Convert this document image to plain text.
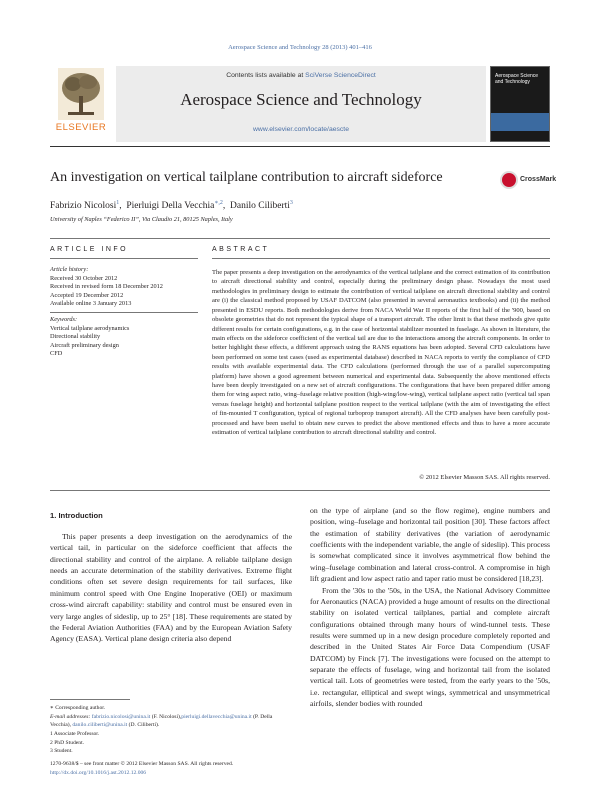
Aerospace Science and Technology 28 (2013) 401–416
ELSEVIER
Contents lists available at SciVerse ScienceDirect
Aerospace Science and Technology
www.elsevier.com/locate/aescte
Aerospace Science and Technology
An investigation on vertical tailplane contribution to aircraft sideforce	CrossMark
Fabrizio Nicolosi$^1$,  Pierluigi Della Vecchia$^{∗,2}$,  Danilo Ciliberti$^3$
University of Naples “Federico II”, Via Claudio 21, 80125 Naples, Italy
ARTICLE INFO	ABSTRACT
Article history:
Received 30 October 2012
Received in revised form 18 December 2012
Accepted 19 December 2012
Available online 3 January 2013
Keywords:
Vertical tailplane aerodynamics
Directional stability
Aircraft preliminary design
CFD
The paper presents a deep investigation on the aerodynamics of the vertical tailplane and the correct estimation of its contribution to aircraft directional stability and control, especially during the preliminary design phase. Nowadays the most used methodologies in preliminary design to estimate the contribution of vertical tailplane on aircraft directional stability and control are (i) the classical method proposed by USAF DATCOM (also presented in several aeronautics textbooks) and (ii) the method presented in ESDU reports. Both methodologies derive from NACA World War II reports of the first half of the '900, based on obsolete geometries that do not represent the typical shape of a transport aircraft. The other limit is that these methods give quite different results for certain configurations, e.g. in the case of horizontal stabilizer mounted in fuselage. As shown in literature, the main effects on the sideforce coefficient of the vertical tail are due to the interactions among the aircraft components. In order to better highlight these effects, a different approach using the RANS equations has been adopted. Several CFD calculations have been performed on some test cases (used as experimental database) described in NACA reports to verify the compliance of CFD results with available experimental data. The CFD calculations (performed through the use of a parallel supercomputing platform) have shown a good agreement between numerical and experimental data. Subsequently the above mentioned effects have been deeply investigated on a new set of aircraft configurations. The configurations that have been prepared differ among them for wing aspect ratio, wing–fuselage relative position (high-wing/low-wing), vertical tailplane aspect ratio (vertical tail span versus fuselage height) and horizontal tailplane position respect to the vertical tailplane (with the aim of investigating the effect of fin-mounted T configuration, typical of regional turboprop transport aircraft). All the CFD analyses have been carefully post-processed and have been useful to obtain new curves to predict the above mentioned effects and thus to have a more accurate estimation of vertical tailplane contribution to aircraft directional stability and control.
© 2012 Elsevier Masson SAS. All rights reserved.
1. Introduction

This paper presents a deep investigation on the aerodynamics of the vertical tail, in particular on the sideforce coefficient that affects the directional stability and control of the airplane. A reliable tailplane design needs an accurate determination of the stability derivatives. Extreme flight conditions often set severe design requirements for tail surfaces, like minimum control speed with One Engine Inoperative (OEI) or maximum cross-wind aircraft capability: stability and control must be ensured even in very large angles of sideslip, up to 25° [18]. These requirements are stated by the Federal Aviation Authorities (FAA) and by the European Aviation Safety Agency (EASA). Vertical plane design criteria also depend

on the type of airplane (and so the flow regime), engine numbers and position, wing–fuselage and horizontal tail position [30]. These factors affect the estimation of stability derivatives (the variation of aerodynamic coefficients with the independent variable, the angle of sideslip). This process is somewhat complicated since it involves asymmetrical flow behind the wing–fuselage combination and lateral cross-control. A compromise in high lift gradient and low aspect ratio and taper ratio must be considered [18,23].

From the '30s to the '50s, in the USA, the National Advisory Committee for Aeronautics (NACA) provided a huge amount of results on the directional stability on isolated vertical tailplanes, partial and complete aircraft configurations obtained through many hours of wind-tunnel tests. These results were summed up in a new design procedure completely reported and described in the United States Air Force Data Compendium (USAF DATCOM) by Finck [7]. The investigations were focused on the attempt to separate the effects of fuselage, wing and horizontal tail from the isolated vertical tail. Lots of geometries were tested, from the early years to the '50s, i.e. rectangular, elliptical and swept wings, symmetrical and unsymmetrical airfoils, slender bodies with rounded

∗ Corresponding author.
E-mail addresses: fabrizio.nicolosi@unina.it (F. Nicolosi),pierluigi.dellavecchia@unina.it (P. Della Vecchia), danilo.ciliberti@unina.it (D. Ciliberti).
1 Associate Professor.
2 PhD Student.
3 Student.
1270-9638/$ – see front matter © 2012 Elsevier Masson SAS. All rights reserved.
http://dx.doi.org/10.1016/j.ast.2012.12.006
